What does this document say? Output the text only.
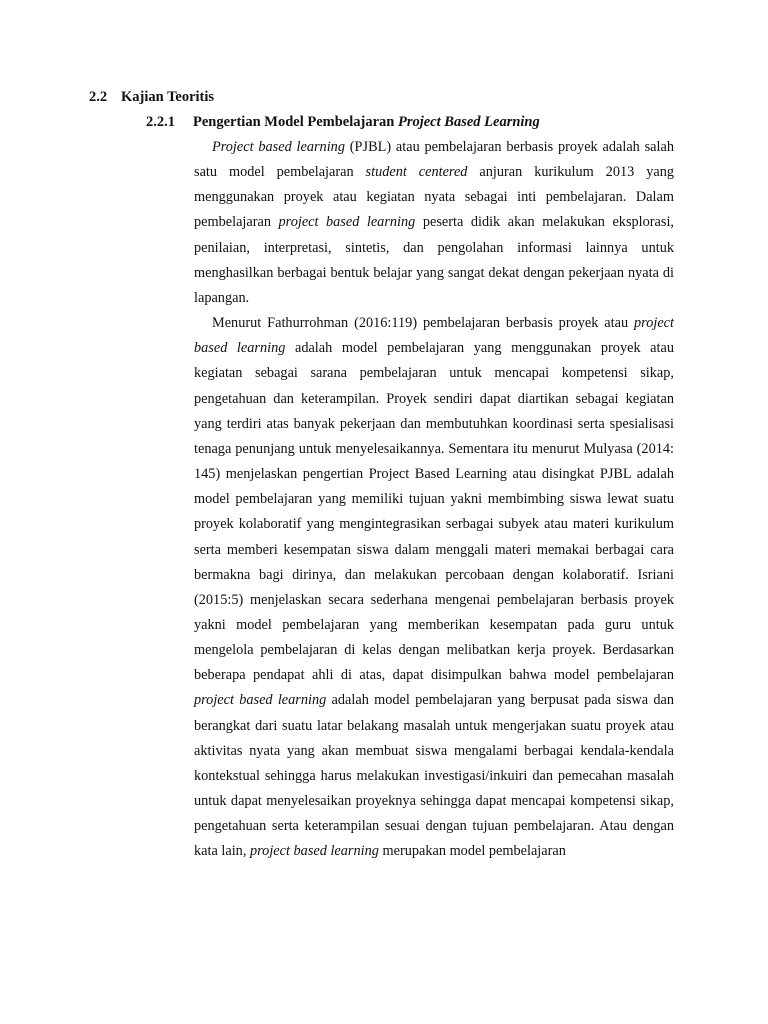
2.2 Kajian Teoritis
2.2.1 Pengertian Model Pembelajaran Project Based Learning

Project based learning (PJBL) atau pembelajaran berbasis proyek adalah salah satu model pembelajaran student centered anjuran kurikulum 2013 yang menggunakan proyek atau kegiatan nyata sebagai inti pembelajaran. Dalam pembelajaran project based learning peserta didik akan melakukan eksplorasi, penilaian, interpretasi, sintetis, dan pengolahan informasi lainnya untuk menghasilkan berbagai bentuk belajar yang sangat dekat dengan pekerjaan nyata di lapangan.

Menurut Fathurrohman (2016:119) pembelajaran berbasis proyek atau project based learning adalah model pembelajaran yang menggunakan proyek atau kegiatan sebagai sarana pembelajaran untuk mencapai kompetensi sikap, pengetahuan dan keterampilan. Proyek sendiri dapat diartikan sebagai kegiatan yang terdiri atas banyak pekerjaan dan membutuhkan koordinasi serta spesialisasi tenaga penunjang untuk menyelesaikannya. Sementara itu menurut Mulyasa (2014: 145) menjelaskan pengertian Project Based Learning atau disingkat PJBL adalah model pembelajaran yang memiliki tujuan yakni membimbing siswa lewat suatu proyek kolaboratif yang mengintegrasikan serbagai subyek atau materi kurikulum serta memberi kesempatan siswa dalam menggali materi memakai berbagai cara bermakna bagi dirinya, dan melakukan percobaan dengan kolaboratif. Isriani (2015:5) menjelaskan secara sederhana mengenai pembelajaran berbasis proyek yakni model pembelajaran yang memberikan kesempatan pada guru untuk mengelola pembelajaran di kelas dengan melibatkan kerja proyek. Berdasarkan beberapa pendapat ahli di atas, dapat disimpulkan bahwa model pembelajaran project based learning adalah model pembelajaran yang berpusat pada siswa dan berangkat dari suatu latar belakang masalah untuk mengerjakan suatu proyek atau aktivitas nyata yang akan membuat siswa mengalami berbagai kendala-kendala kontekstual sehingga harus melakukan investigasi/inkuiri dan pemecahan masalah untuk dapat menyelesaikan proyeknya sehingga dapat mencapai kompetensi sikap, pengetahuan serta keterampilan sesuai dengan tujuan pembelajaran. Atau dengan kata lain, project based learning merupakan model pembelajaran
